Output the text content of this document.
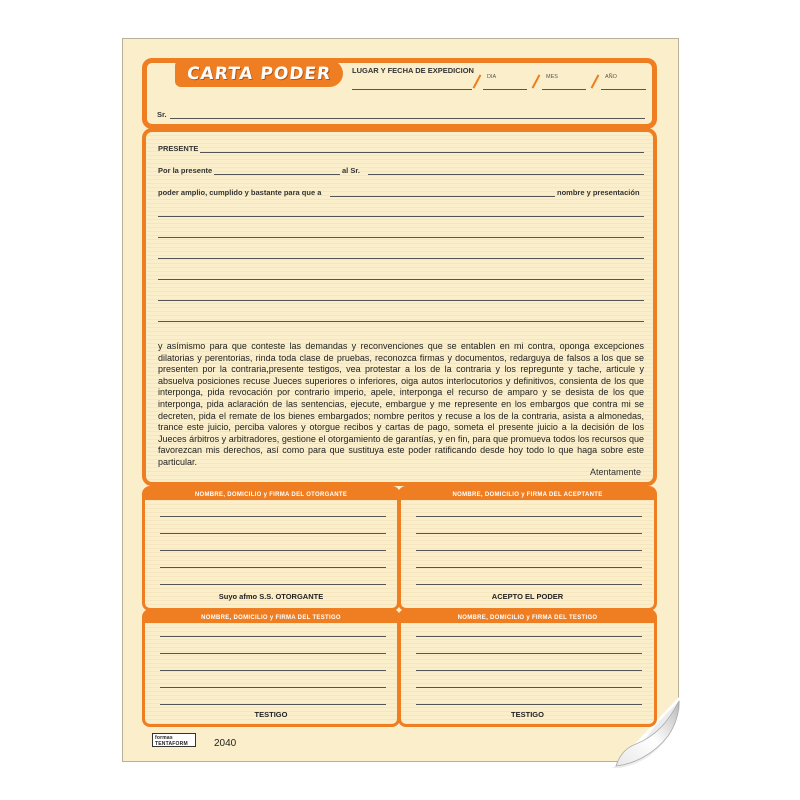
CARTA PODER	LUGAR Y FECHA DE EXPEDICION
DIA	MES	AÑO
Sr.
PRESENTE
Por la presente	al Sr.
poder amplio, cumplido y bastante para que a	nombre y presentación
y asímismo para que conteste las demandas y reconvenciones que se entablen en mi contra, oponga excepciones dilatorias y perentorias, rinda toda clase de pruebas, reconozca firmas y documentos, redarguya de falsos a los que se presenten por la contraria,presente testigos, vea protestar a los de la contraria y los repregunte y tache, articule y absuelva posiciones recuse Jueces superiores o inferiores, oiga autos interlocutorios y definitivos, consienta de los que interponga, pida revocación por contrario imperio, apele, interponga el recurso de amparo y se desista de los que interponga, pida aclaración de las sentencias, ejecute, embargue y me represente en los embargos que contra mi se decreten, pida el remate de los bienes embargados; nombre peritos y recuse a los de la contraria, asista a almonedas, trance este juicio, perciba valores y otorgue recibos y cartas de pago, someta el presente juicio a la decisión de los Jueces árbitros y arbitradores, gestione el otorgamiento de garantías, y en fin, para que promueva todos los recursos que favorezcan mis derechos, así como para que sustituya este poder ratificando desde hoy todo lo que haga sobre este particular.
Atentamente
NOMBRE, DOMICILIO y FIRMA DEL OTORGANTE
Suyo afmo S.S. OTORGANTE
NOMBRE, DOMICILIO y FIRMA DEL ACEPTANTE
ACEPTO EL PODER
NOMBRE, DOMICILIO y FIRMA DEL TESTIGO
TESTIGO
NOMBRE, DOMICILIO y FIRMA DEL TESTIGO
TESTIGO
formas
TENTAFORM	2040
